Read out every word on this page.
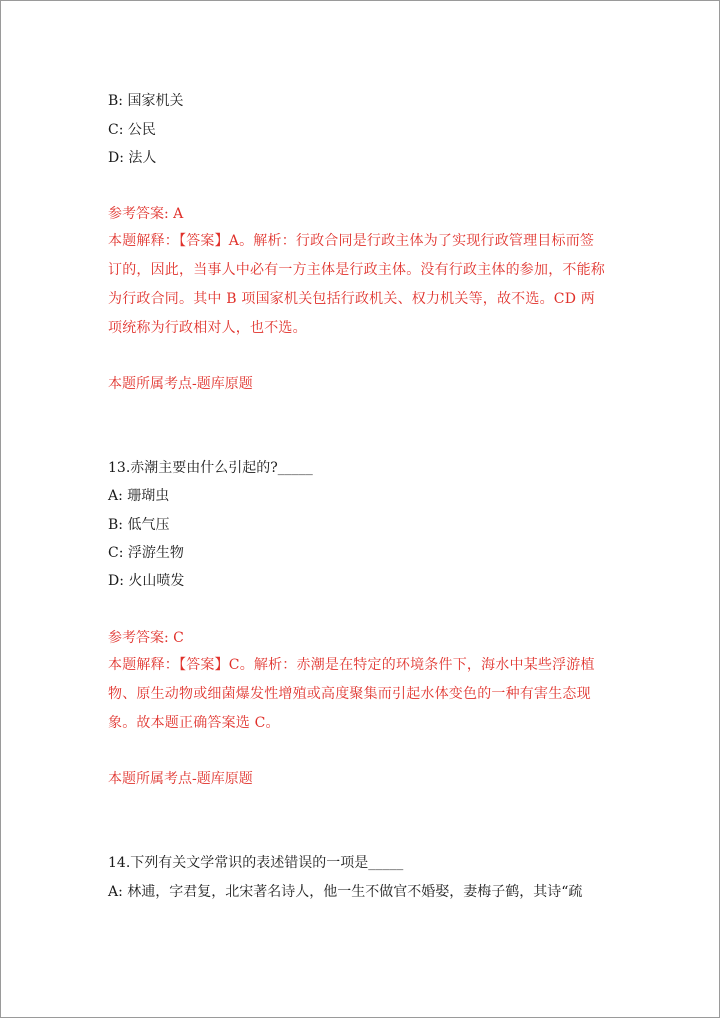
B: 国家机关
C: 公民
D: 法人
参考答案: A
本题解释：【答案】A。解析：行政合同是行政主体为了实现行政管理目标而签订的，因此，当事人中必有一方主体是行政主体。没有行政主体的参加，不能称为行政合同。其中 B 项国家机关包括行政机关、权力机关等，故不选。CD 两项统称为行政相对人，也不选。
本题所属考点-题库原题
13.赤潮主要由什么引起的?_____
A: 珊瑚虫
B: 低气压
C: 浮游生物
D: 火山喷发
参考答案: C
本题解释：【答案】C。解析：赤潮是在特定的环境条件下，海水中某些浮游植物、原生动物或细菌爆发性增殖或高度聚集而引起水体变色的一种有害生态现象。故本题正确答案选 C。
本题所属考点-题库原题
14.下列有关文学常识的表述错误的一项是_____
A: 林逋，字君复，北宋著名诗人，他一生不做官不婚娶，妻梅子鹤，其诗“疏
